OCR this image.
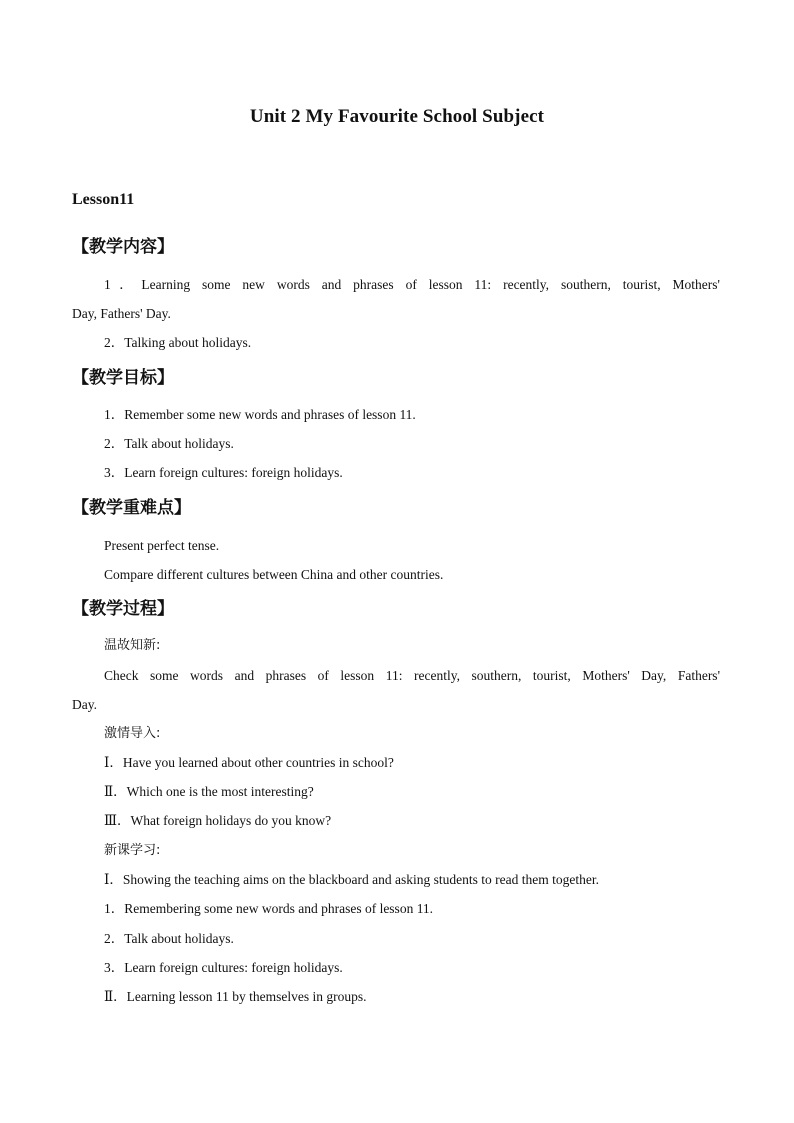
Unit 2 My Favourite School Subject
Lesson11
【教学内容】
1．Learning some new words and phrases of lesson 11: recently, southern, tourist, Mothers'
Day, Fathers' Day.
2．Talking about holidays.
【教学目标】
1．Remember some new words and phrases of lesson 11.
2．Talk about holidays.
3．Learn foreign cultures: foreign holidays.
【教学重难点】
Present perfect tense.
Compare different cultures between China and other countries.
【教学过程】
温故知新:
Check some words and phrases of lesson 11: recently, southern, tourist, Mothers' Day, Fathers'
Day.
激情导入:
Ⅰ．Have you learned about other countries in school?
Ⅱ．Which one is the most interesting?
Ⅲ．What foreign holidays do you know?
新课学习:
Ⅰ．Showing the teaching aims on the blackboard and asking students to read them together.
1．Remembering some new words and phrases of lesson 11.
2．Talk about holidays.
3．Learn foreign cultures: foreign holidays.
Ⅱ．Learning lesson 11 by themselves in groups.
